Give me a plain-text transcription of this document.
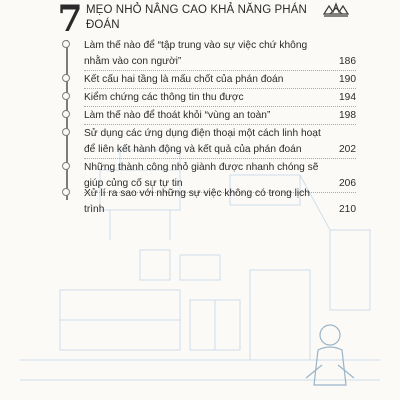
7 MẸO NHỎ NÂNG CAO KHẢ NĂNG PHÁN ĐOÁN
Làm thế nào để “tập trung vào sự việc chứ không nhằm vào con người”	186
Kết cấu hai tầng là mấu chốt của phán đoán	190
Kiểm chứng các thông tin thu được	194
Làm thế nào để thoát khỏi “vùng an toàn”	198
Sử dụng các ứng dụng điện thoại một cách linh hoạt để liên kết hành động và kết quả của phán đoán	202
Những thành công nhỏ giành được nhanh chóng sẽ giúp củng cố sự tự tin	206
Xử lí ra sao với những sự việc không có trong lịch trình	210
